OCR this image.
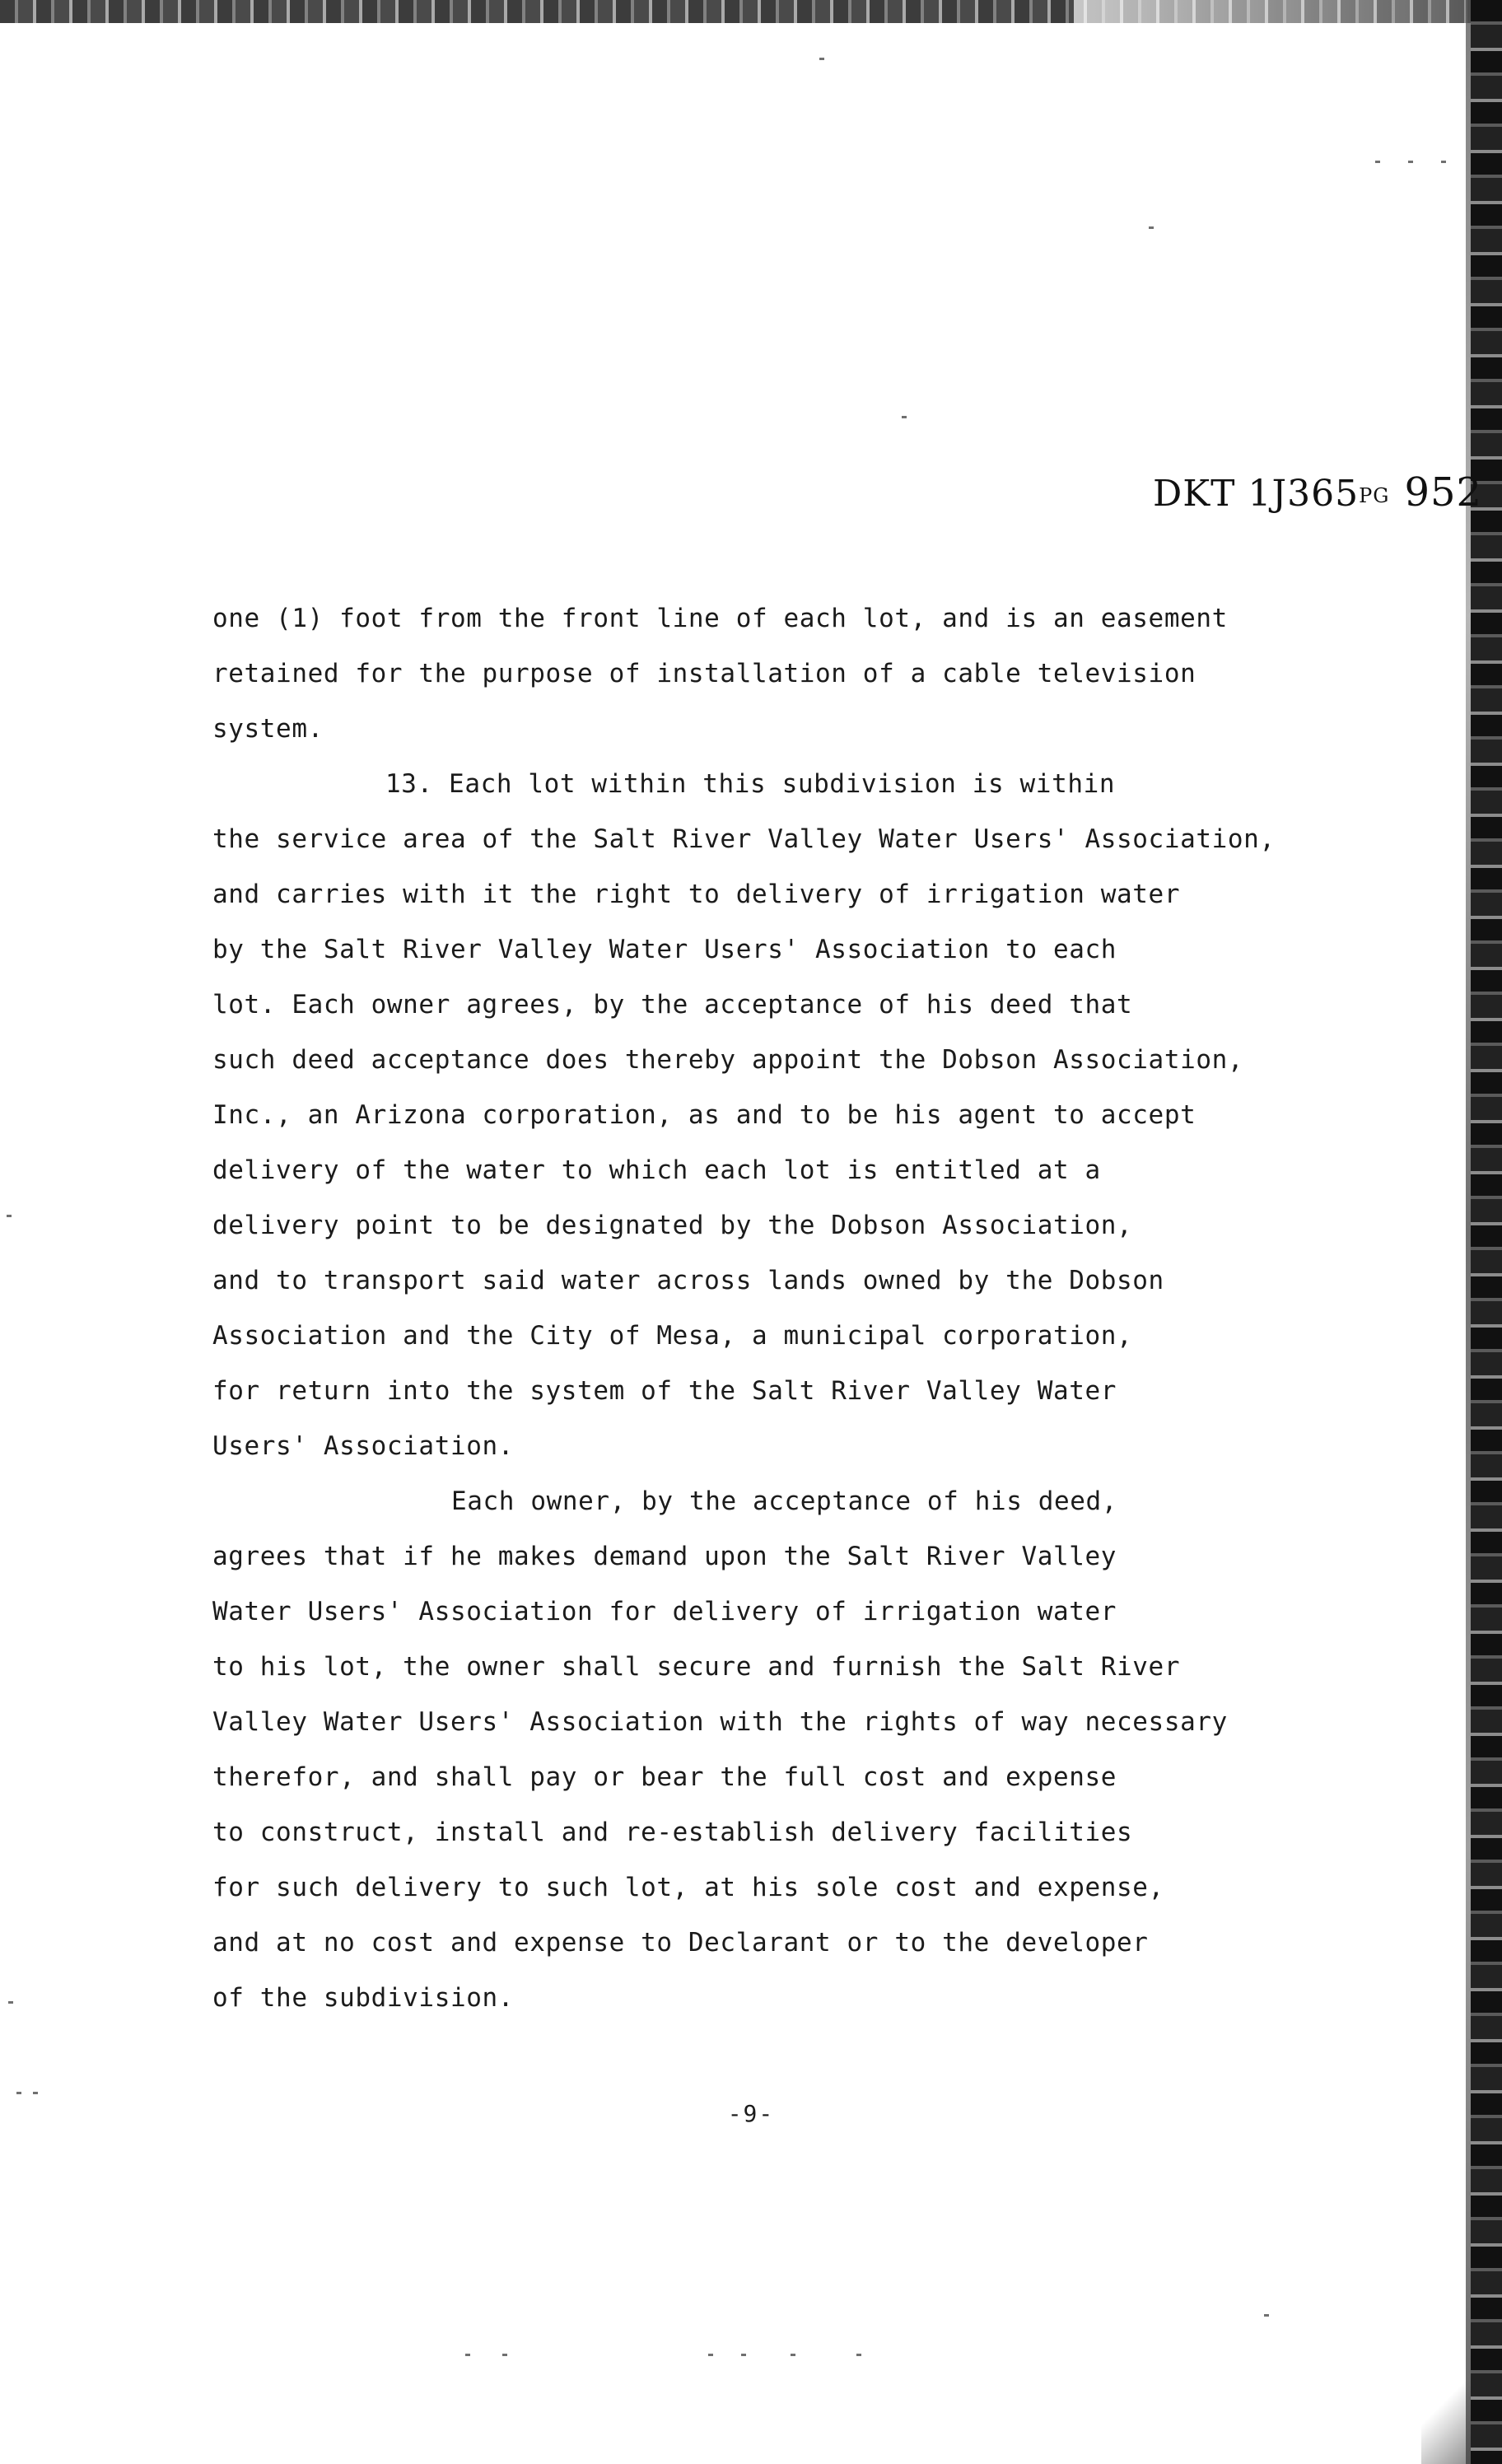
DKT 1J365PG 952
one (1) foot from the front line of each lot, and is an easement
retained for the purpose of installation of a cable television
system.
13. Each lot within this subdivision is within
the service area of the Salt River Valley Water Users' Association,
and carries with it the right to delivery of irrigation water
by the Salt River Valley Water Users' Association to each
lot. Each owner agrees, by the acceptance of his deed that
such deed acceptance does thereby appoint the Dobson Association,
Inc., an Arizona corporation, as and to be his agent to accept
delivery of the water to which each lot is entitled at a
delivery point to be designated by the Dobson Association,
and to transport said water across lands owned by the Dobson
Association and the City of Mesa, a municipal corporation,
for return into the system of the Salt River Valley Water
Users' Association.
Each owner, by the acceptance of his deed,
agrees that if he makes demand upon the Salt River Valley
Water Users' Association for delivery of irrigation water
to his lot, the owner shall secure and furnish the Salt River
Valley Water Users' Association with the rights of way necessary
therefor, and shall pay or bear the full cost and expense
to construct, install and re-establish delivery facilities
for such delivery to such lot, at his sole cost and expense,
and at no cost and expense to Declarant or to the developer
of the subdivision.
-9-
